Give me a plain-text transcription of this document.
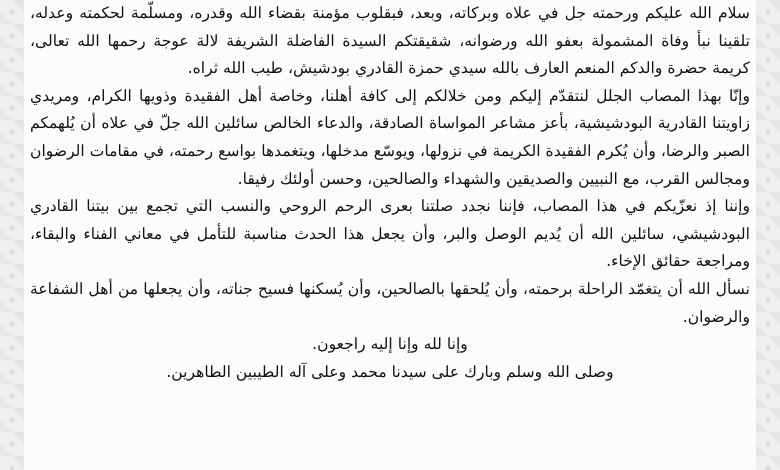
سلام الله عليكم ورحمته جل في علاه وبركاته، وبعد، فبقلوب مؤمنة بقضاء الله وقدره، ومسلّمة لحكمته وعدله، تلقينا نبأ وفاة المشمولة بعفو الله ورضوانه، شقيقتكم السيدة الفاضلة الشريفة لالة عوجة رحمها الله تعالى، كريمة حضرة والدكم المنعم العارف بالله سيدي حمزة القادري بودشيش، طيب الله ثراه.

وإنّا بهذا المصاب الجلل لنتقدّم إليكم ومن خلالكم إلى كافة أهلنا، وخاصة أهل الفقيدة وذويها الكرام، ومريدي زاويتنا القادرية البودشيشية، بأعز مشاعر المواساة الصادقة، والدعاء الخالص سائلين الله جلّ في علاه أن يُلهمكم الصبر والرضا، وأن يُكرم الفقيدة الكريمة في نزولها، ويوسّع مدخلها، ويتغمدها بواسع رحمته، في مقامات الرضوان ومجالس القرب، مع النبيين والصديقين والشهداء والصالحين، وحسن أولئك رفيقا.

وإننا إذ نعزّيكم في هذا المصاب، فإننا نجدد صلتنا بعرى الرحم الروحي والنسب التي تجمع بين بيتنا القادري البودشيشي، سائلين الله أن يُديم الوصل والبر، وأن يجعل هذا الحدث مناسبة للتأمل في معاني الفناء والبقاء، ومراجعة حقائق الإخاء.

نسأل الله أن يتغمّد الراحلة برحمته، وأن يُلحقها بالصالحين، وأن يُسكنها فسيح جناته، وأن يجعلها من أهل الشفاعة والرضوان.

وإنا لله وإنا إليه راجعون.

وصلى الله وسلم وبارك على سيدنا محمد وعلى آله الطيبين الطاهرين.
